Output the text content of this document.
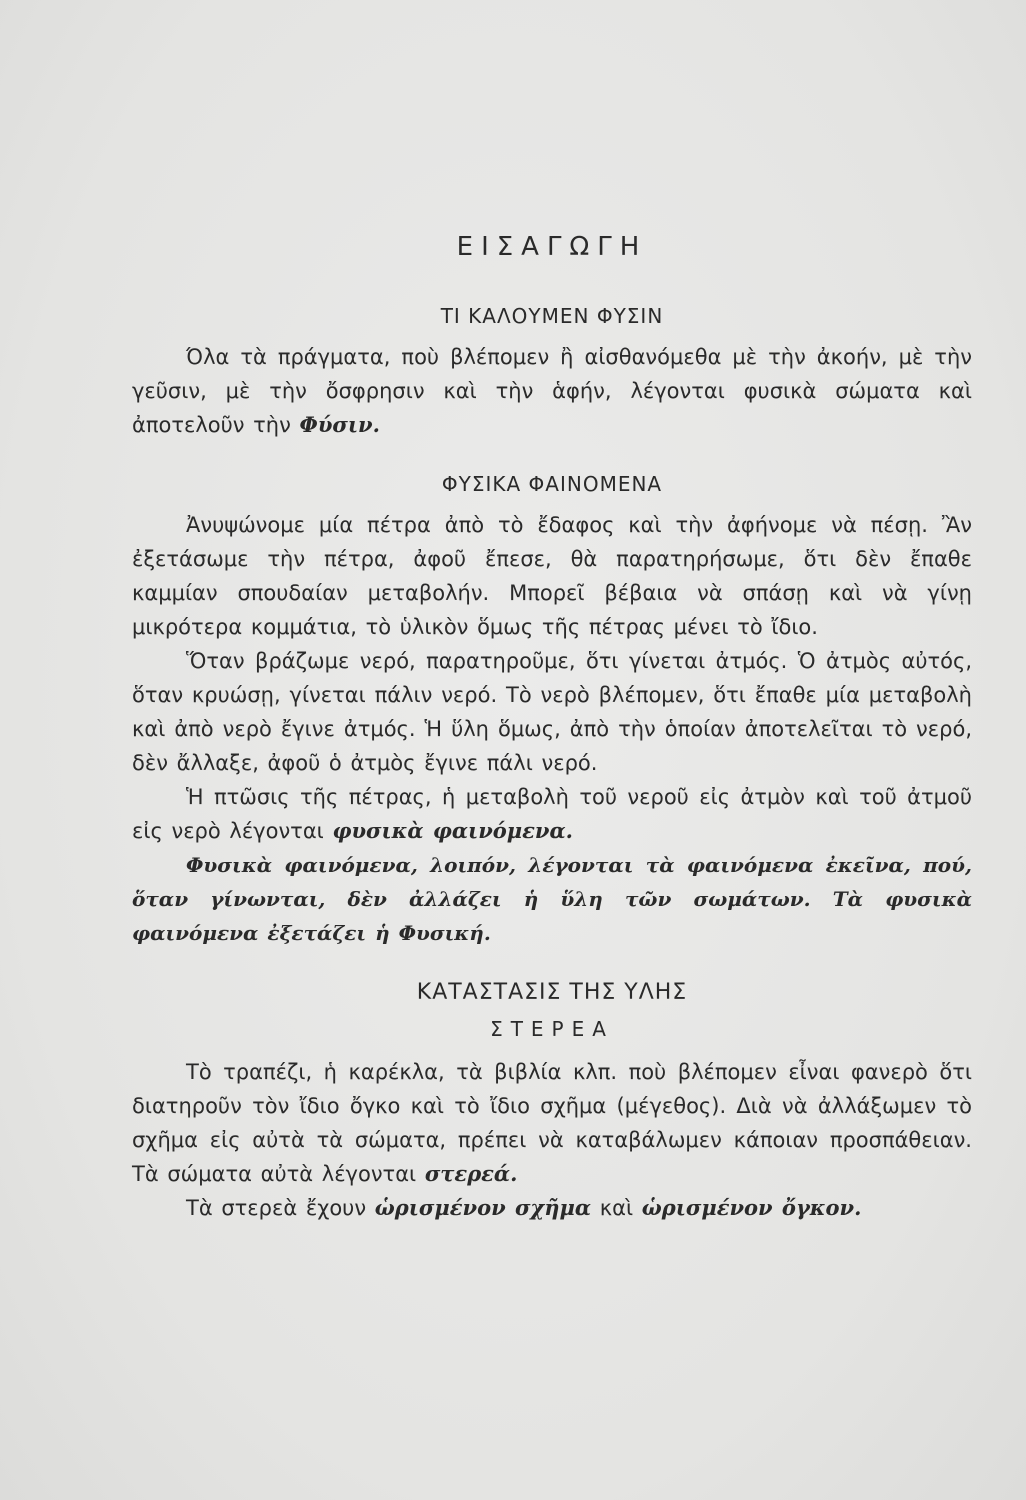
ΕΙΣΑΓΩΓΗ
ΤΙ ΚΑΛΟΥΜΕΝ ΦΥΣΙΝ

Όλα τὰ πράγματα, ποὺ βλέπομεν ἢ αἰσθανόμεθα μὲ τὴν ἀκοήν, μὲ τὴν γεῦσιν, μὲ τὴν ὄσφρησιν καὶ τὴν ἁφήν, λέγονται φυσικὰ σώματα καὶ ἀποτελοῦν τὴν Φύσιν.

ΦΥΣΙΚΑ ΦΑΙΝΟΜΕΝΑ

Ἀνυψώνομε μία πέτρα ἀπὸ τὸ ἔδαφος καὶ τὴν ἀφήνομε νὰ πέσῃ. Ἂν ἐξετάσωμε τὴν πέτρα, ἀφοῦ ἔπεσε, θὰ παρατηρήσωμε, ὅτι δὲν ἔπαθε καμμίαν σπουδαίαν μεταβολήν. Μπορεῖ βέβαια νὰ σπάσῃ καὶ νὰ γίνῃ μικρότερα κομμάτια, τὸ ὑλικὸν ὅμως τῆς πέτρας μένει τὸ ἴδιο.

Ὅταν βράζωμε νερό, παρατηροῦμε, ὅτι γίνεται ἀτμός. Ὁ ἀτμὸς αὐτός, ὅταν κρυώσῃ, γίνεται πάλιν νερό. Τὸ νερὸ βλέπομεν, ὅτι ἔπαθε μία μεταβολὴ καὶ ἀπὸ νερὸ ἔγινε ἀτμός. Ἡ ὕλη ὅμως, ἀπὸ τὴν ὁποίαν ἀποτελεῖται τὸ νερό, δὲν ἄλλαξε, ἀφοῦ ὁ ἀτμὸς ἔγινε πάλι νερό.

Ἡ πτῶσις τῆς πέτρας, ἡ μεταβολὴ τοῦ νεροῦ εἰς ἀτμὸν καὶ τοῦ ἀτμοῦ εἰς νερὸ λέγονται φυσικὰ φαινόμενα.

Φυσικὰ φαινόμενα, λοιπόν, λέγονται τὰ φαινόμενα ἐκεῖνα, πού, ὅταν γίνωνται, δὲν ἀλλάζει ἡ ὕλη τῶν σωμάτων. Τὰ φυσικὰ φαινόμενα ἐξετάζει ἡ Φυσική.

ΚΑΤΑΣΤΑΣΙΣ ΤΗΣ ΥΛΗΣ
ΣΤΕΡΕΑ

Τὸ τραπέζι, ἡ καρέκλα, τὰ βιβλία κλπ. ποὺ βλέπομεν εἶναι φανερὸ ὅτι διατηροῦν τὸν ἴδιο ὄγκο καὶ τὸ ἴδιο σχῆμα (μέγεθος). Διὰ νὰ ἀλλάξωμεν τὸ σχῆμα εἰς αὐτὰ τὰ σώματα, πρέπει νὰ καταβάλωμεν κάποιαν προσπάθειαν. Τὰ σώματα αὐτὰ λέγονται στερεά.

Τὰ στερεὰ ἔχουν ὡρισμένον σχῆμα καὶ ὡρισμένον ὄγκον.
